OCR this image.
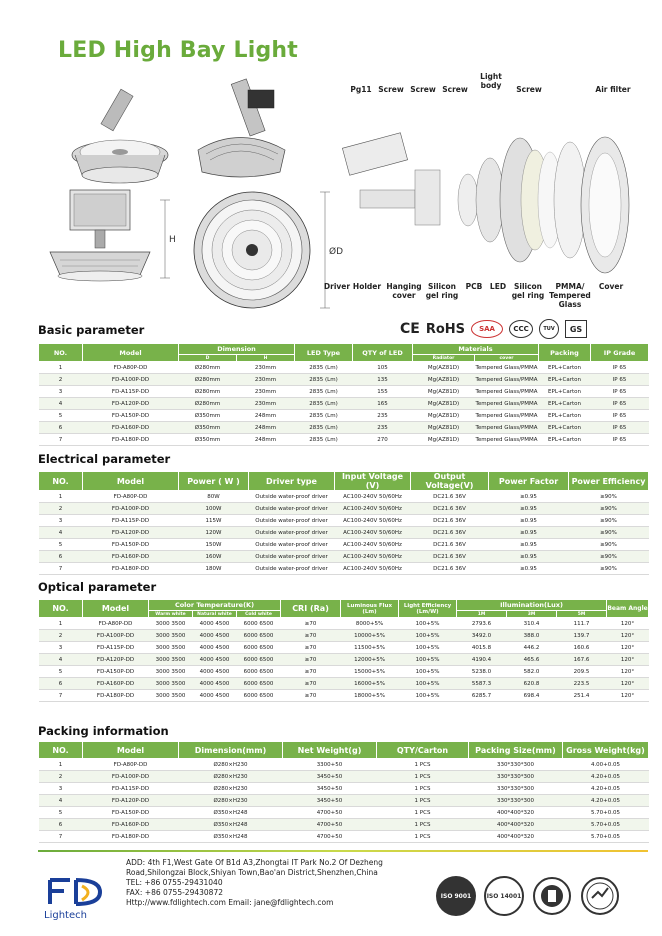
LED High Bay Light
H
ØD
Pg11 Screw Screw Screw
Light body	Screw	Air filter
Driver Holder Hanging cover
Silicon gel ring
PCB LED	Silicon gel ring
PMMA/ Tempered Glass
Cover
Basic parameter	CE RoHS	SAA	CCC	TUV	GS
NO.	Model	Dimension		LED Type	QTY of LED	Materials		Packing	IP Grade
		D	H			Radiator	cover		
1	FD-A80P-DD	Ø280mm	230mm	2835 (Lm)	105	Mg(AZ81D)	Tempered Glass/PMMA	EPL+Carton	IP 65
2	FD-A100P-DD	Ø280mm	230mm	2835 (Lm)	135	Mg(AZ81D)	Tempered Glass/PMMA	EPL+Carton	IP 65
3	FD-A115P-DD	Ø280mm	230mm	2835 (Lm)	155	Mg(AZ81D)	Tempered Glass/PMMA	EPL+Carton	IP 65
4	FD-A120P-DD	Ø280mm	230mm	2835 (Lm)	165	Mg(AZ81D)	Tempered Glass/PMMA	EPL+Carton	IP 65
5	FD-A150P-DD	Ø350mm	248mm	2835 (Lm)	235	Mg(AZ81D)	Tempered Glass/PMMA	EPL+Carton	IP 65
6	FD-A160P-DD	Ø350mm	248mm	2835 (Lm)	235	Mg(AZ81D)	Tempered Glass/PMMA	EPL+Carton	IP 65
7	FD-A180P-DD	Ø350mm	248mm	2835 (Lm)	270	Mg(AZ81D)	Tempered Glass/PMMA	EPL+Carton	IP 65
Electrical parameter
NO.	Model	Power ( W )	Driver type	Input Voltage (V)	Output Voltage(V)	Power Factor	Power Efficiency
1	FD-A80P-DD	80W	Outside water-proof driver	AC100-240V 50/60Hz	DC21.6 36V	≥0.95	≥90%
2	FD-A100P-DD	100W	Outside water-proof driver	AC100-240V 50/60Hz	DC21.6 36V	≥0.95	≥90%
3	FD-A115P-DD	115W	Outside water-proof driver	AC100-240V 50/60Hz	DC21.6 36V	≥0.95	≥90%
4	FD-A120P-DD	120W	Outside water-proof driver	AC100-240V 50/60Hz	DC21.6 36V	≥0.95	≥90%
5	FD-A150P-DD	150W	Outside water-proof driver	AC100-240V 50/60Hz	DC21.6 36V	≥0.95	≥90%
6	FD-A160P-DD	160W	Outside water-proof driver	AC100-240V 50/60Hz	DC21.6 36V	≥0.95	≥90%
7	FD-A180P-DD	180W	Outside water-proof driver	AC100-240V 50/60Hz	DC21.6 36V	≥0.95	≥90%
Optical parameter
NO.	Model	Color Temperature(K)			CRI (Ra)	Luminous Flux (Lm)	Light Efficiency (Lm/W)	Illumination(Lux)			Beam Angle
		Warm white	Natural white	Cold white				1M	3M	5M	
1	FD-A80P-DD	3000 3500	4000 4500	6000 6500	≥70	8000+5%	100+5%	2793.6	310.4	111.7	120°
2	FD-A100P-DD	3000 3500	4000 4500	6000 6500	≥70	10000+5%	100+5%	3492.0	388.0	139.7	120°
3	FD-A115P-DD	3000 3500	4000 4500	6000 6500	≥70	11500+5%	100+5%	4015.8	446.2	160.6	120°
4	FD-A120P-DD	3000 3500	4000 4500	6000 6500	≥70	12000+5%	100+5%	4190.4	465.6	167.6	120°
5	FD-A150P-DD	3000 3500	4000 4500	6000 6500	≥70	15000+5%	100+5%	5238.0	582.0	209.5	120°
6	FD-A160P-DD	3000 3500	4000 4500	6000 6500	≥70	16000+5%	100+5%	5587.3	620.8	223.5	120°
7	FD-A180P-DD	3000 3500	4000 4500	6000 6500	≥70	18000+5%	100+5%	6285.7	698.4	251.4	120°
Packing information
NO.	Model	Dimension(mm)	Net Weight(g)	QTY/Carton	Packing Size(mm)	Gross Weight(kg)
1	FD-A80P-DD	Ø280×H230	3300+50	1 PCS	330*330*300	4.00+0.05
2	FD-A100P-DD	Ø280×H230	3450+50	1 PCS	330*330*300	4.20+0.05
3	FD-A115P-DD	Ø280×H230	3450+50	1 PCS	330*330*300	4.20+0.05
4	FD-A120P-DD	Ø280×H230	3450+50	1 PCS	330*330*300	4.20+0.05
5	FD-A150P-DD	Ø350×H248	4700+50	1 PCS	400*400*320	5.70+0.05
6	FD-A160P-DD	Ø350×H248	4700+50	1 PCS	400*400*320	5.70+0.05
7	FD-A180P-DD	Ø350×H248	4700+50	1 PCS	400*400*320	5.70+0.05
Lightech
ADD: 4th F1,West Gate Of B1d A3,Zhongtai IT Park No.2 Of Dezheng
Road,Shilongzai Block,Shiyan Town,Bao'an District,Shenzhen,China
TEL: +86 0755-29431040
FAX: +86 0755-29430872
Http://www.fdlightech.com Email: jane@fdlightech.com
ISO 9001	ISO 14001
